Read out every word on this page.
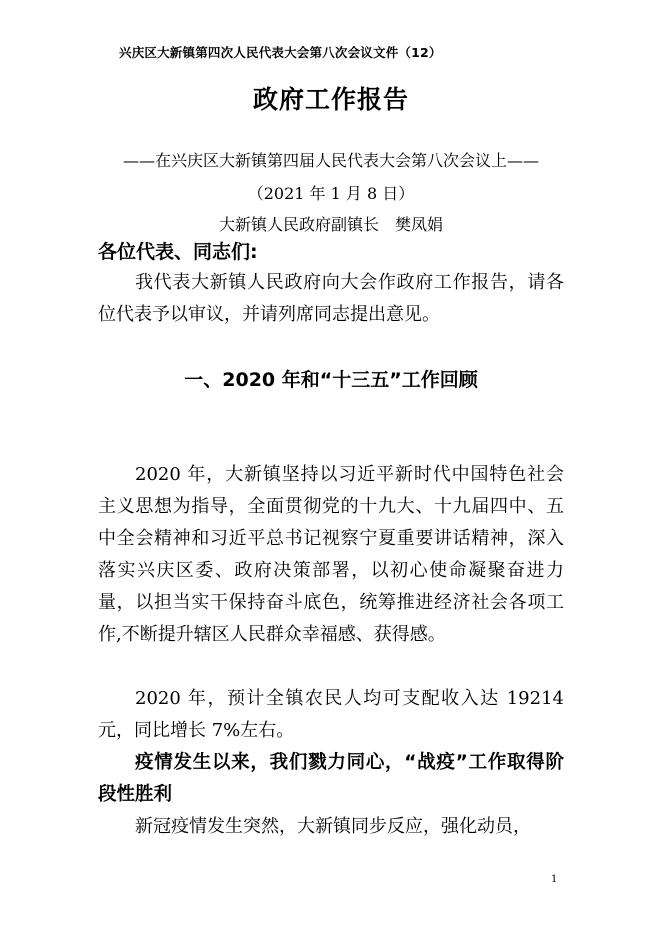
兴庆区大新镇第四次人民代表大会第八次会议文件（12）
政府工作报告
——在兴庆区大新镇第四届人民代表大会第八次会议上——
（2021 年 1 月 8 日）
大新镇人民政府副镇长　樊凤娟
各位代表、同志们:

我代表大新镇人民政府向大会作政府工作报告，请各位代表予以审议，并请列席同志提出意见。

一、2020 年和“十三五”工作回顾

2020 年，大新镇坚持以习近平新时代中国特色社会主义思想为指导，全面贯彻党的十九大、十九届四中、五中全会精神和习近平总书记视察宁夏重要讲话精神，深入落实兴庆区委、政府决策部署，以初心使命凝聚奋进力量，以担当实干保持奋斗底色，统筹推进经济社会各项工作,不断提升辖区人民群众幸福感、获得感。

2020 年，预计全镇农民人均可支配收入达 19214 元，同比增长 7%左右。

疫情发生以来，我们戮力同心，“战疫”工作取得阶段性胜利

新冠疫情发生突然，大新镇同步反应，强化动员，

1
